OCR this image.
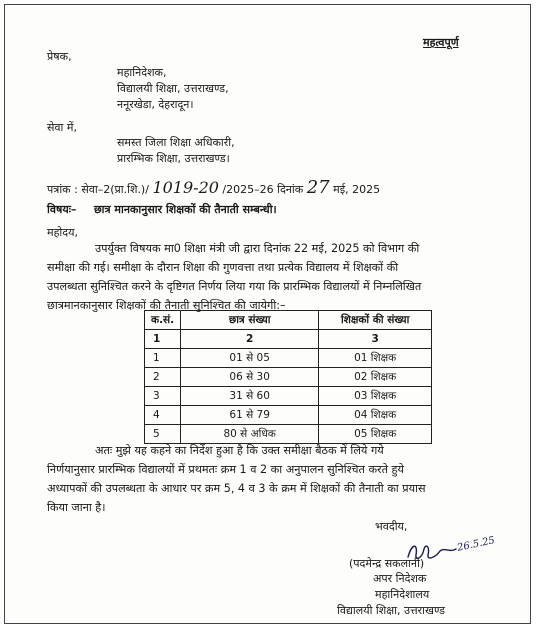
महत्वपूर्ण
प्रेषक,
महानिदेशक,
विद्यालयी शिक्षा, उत्तराखण्ड,
ननूरखेडा, देहरादून।
सेवा में,
समस्त जिला शिक्षा अधिकारी,
प्रारम्भिक शिक्षा, उत्तराखण्ड।
पत्रांक : सेवा–2(प्रा.शि.)/ 1019-20 /2025–26 दिनांक 27 मई, 2025
विषयः– छात्र मानकानुसार शिक्षकों की तैनाती सम्बन्धी।
महोदय,
उपर्युक्त विषयक मा0 शिक्षा मंत्री जी द्वारा दिनांक 22 मई, 2025 को विभाग की
समीक्षा की गई। समीक्षा के दौरान शिक्षा की गुणवत्ता तथा प्रत्येक विद्यालय में शिक्षकों की
उपलब्धता सुनिश्चित करने के दृष्टिगत निर्णय लिया गया कि प्रारम्भिक विद्यालयों में निम्नलिखित
छात्रमानकानुसार शिक्षकों की तैनाती सुनिश्चित की जायेगी:–
क.सं.	छात्र संख्या	शिक्षकों की संख्या
1	2	3
1	01 से 05	01 शिक्षक
2	06 से 30	02 शिक्षक
3	31 से 60	03 शिक्षक
4	61 से 79	04 शिक्षक
5	80 से अधिक	05 शिक्षक
अतः मुझे यह कहने का निर्देश हुआ है कि उक्त समीक्षा बैठक में लिये गये
निर्णयानुसार प्रारम्भिक विद्यालयों में प्रथमतः क्रम 1 व 2 का अनुपालन सुनिश्चित करते हुये
अध्यापकों की उपलब्धता के आधार पर क्रम 5, 4 व 3 के क्रम में शिक्षकों की तैनाती का प्रयास
किया जाना है।
भवदीय,
26.5.25
(पदमेन्द्र सकलानी)
अपर निदेशक
महानिदेशालय
विद्यालयी शिक्षा, उत्तराखण्ड
